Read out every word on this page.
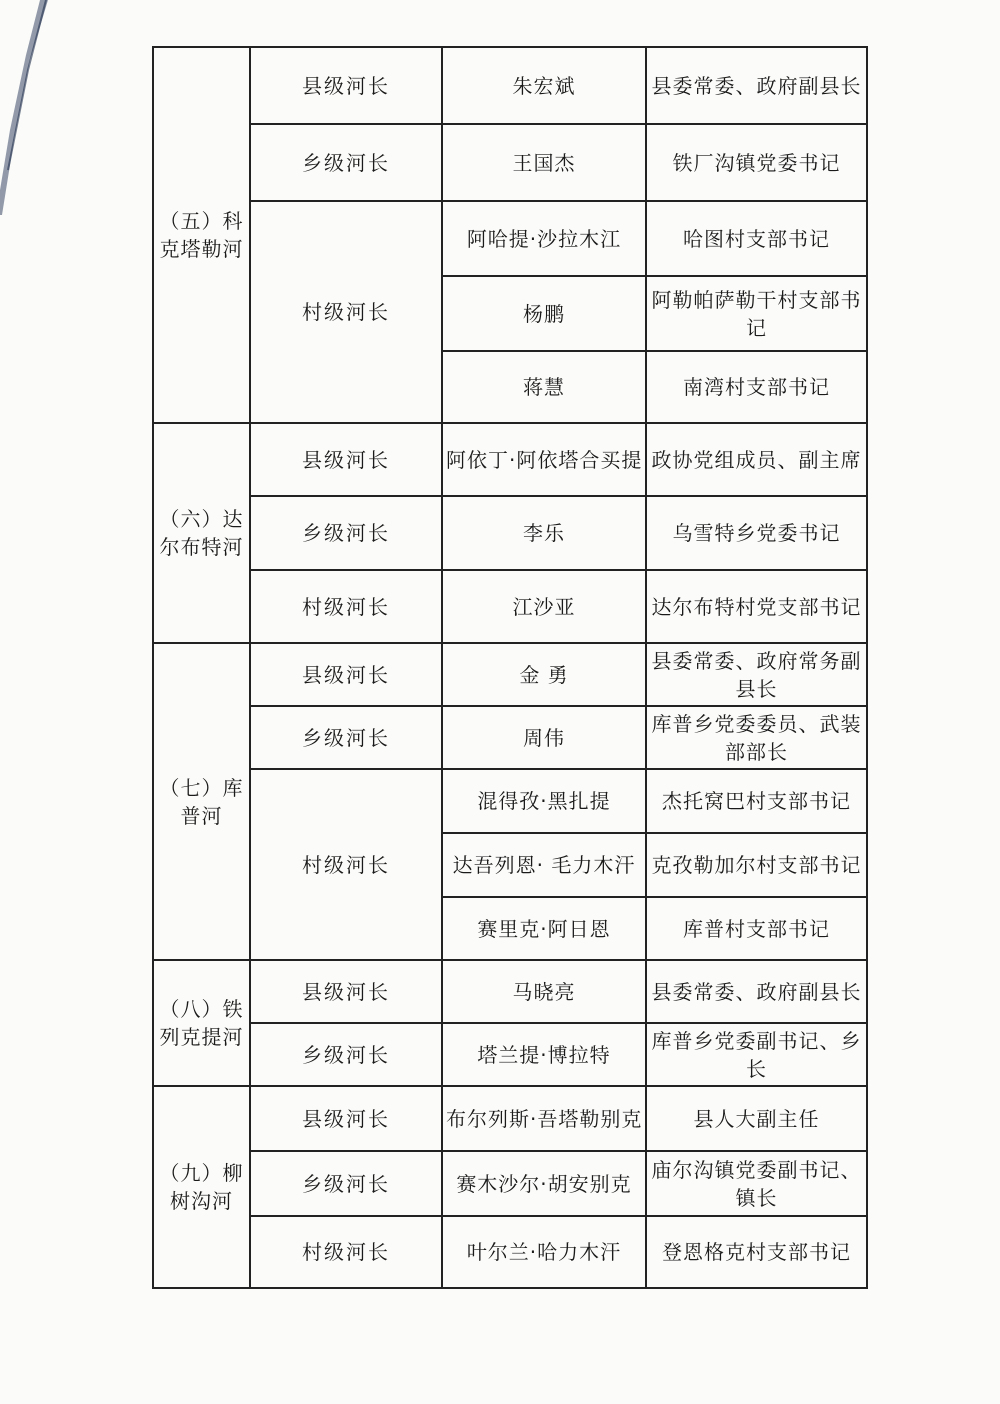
（五）科克塔勒河	县级河长	朱宏斌	县委常委、政府副县长
	乡级河长	王国杰	铁厂沟镇党委书记
	村级河长	阿哈提·沙拉木江	哈图村支部书记
		杨鹏	阿勒帕萨勒干村支部书记
		蒋慧	南湾村支部书记
（六）达尔布特河	县级河长	阿依丁·阿依塔合买提	政协党组成员、副主席
	乡级河长	李乐	乌雪特乡党委书记
	村级河长	江沙亚	达尔布特村党支部书记
（七）库普河	县级河长	金 勇	县委常委、政府常务副县长
	乡级河长	周伟	库普乡党委委员、武装部部长
	村级河长	混得孜·黑扎提	杰托窝巴村支部书记
		达吾列恩· 毛力木汗	克孜勒加尔村支部书记
		赛里克·阿日恩	库普村支部书记
（八）铁列克提河	县级河长	马晓亮	县委常委、政府副县长
	乡级河长	塔兰提·博拉特	库普乡党委副书记、乡长
（九）柳树沟河	县级河长	布尔列斯·吾塔勒别克	县人大副主任
	乡级河长	赛木沙尔·胡安别克	庙尔沟镇党委副书记、镇长
	村级河长	叶尔兰·哈力木汗	登恩格克村支部书记
